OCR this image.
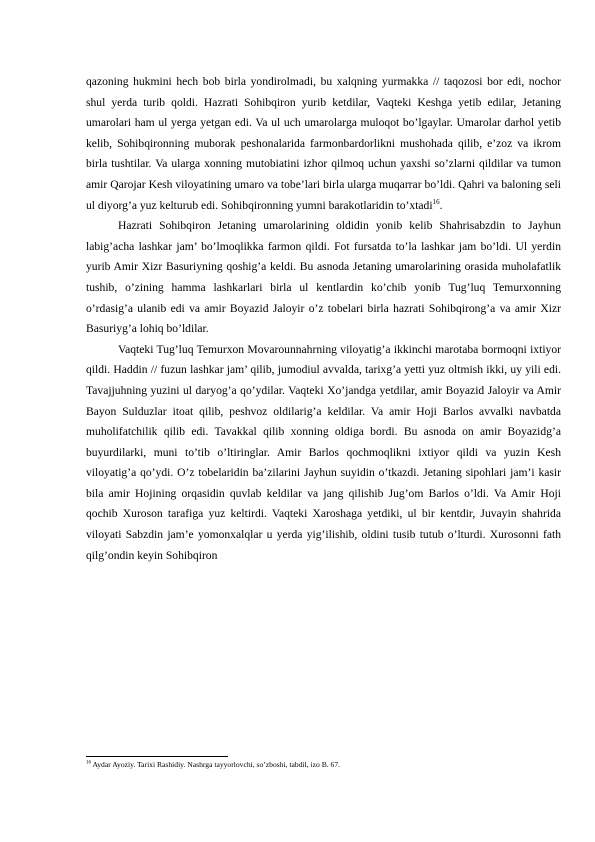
qazoning hukmini hech bob birla yondirolmadi, bu xalqning yurmakka // taqozosi bor edi, nochor shul yerda turib qoldi. Hazrati Sohibqiron yurib ketdilar, Vaqteki Keshga yetib edilar, Jetaning umarolari ham ul yerga yetgan edi. Va ul uch umarolarga muloqot bo’lgaylar. Umarolar darhol yetib kelib, Sohibqironning muborak peshonalarida farmonbardorlikni mushohada qilib, e’zoz va ikrom birla tushtilar. Va ularga xonning mutobiatini izhor qilmoq uchun yaxshi so’zlarni qildilar va tumon amir Qarojar Kesh viloyatining umaro va tobe’lari birla ularga muqarrar bo’ldi. Qahri va baloning seli ul diyorg’a yuz kelturub edi. Sohibqironning yumni barakotlaridin to’xtadi$^{16}$.

Hazrati Sohibqiron Jetaning umarolarining oldidin yonib kelib Shahrisabzdin to Jayhun labig’acha lashkar jam’ bo’lmoqlikka farmon qildi. Fot fursatda to’la lashkar jam bo’ldi. Ul yerdin yurib Amir Xizr Basuriyning qoshig’a keldi. Bu asnoda Jetaning umarolarining orasida muholafatlik tushib, o’zining hamma lashkarlari birla ul kentlardin ko’chib yonib Tug’luq Temurxonning o’rdasig’a ulanib edi va amir Boyazid Jaloyir o’z tobelari birla hazrati Sohibqirong’a va amir Xizr Basuriyg’a lohiq bo’ldilar.

Vaqteki Tug’luq Temurxon Movarounnahrning viloyatig’a ikkinchi marotaba bormoqni ixtiyor qildi. Haddin // fuzun lashkar jam’ qilib, jumodiul avvalda, tarixg’a yetti yuz oltmish ikki, uy yili edi. Tavajjuhning yuzini ul daryog’a qo’ydilar. Vaqteki Xo’jandga yetdilar, amir Boyazid Jaloyir va Amir Bayon Sulduzlar itoat qilib, peshvoz oldilarig’a keldilar. Va amir Hoji Barlos avvalki navbatda muholifatchilik qilib edi. Tavakkal qilib xonning oldiga bordi. Bu asnoda on amir Boyazidg’a buyurdilarki, muni to’tib o’ltiringlar. Amir Barlos qochmoqlikni ixtiyor qildi va yuzin Kesh viloyatig’a qo’ydi. O’z tobelaridin ba’zilarini Jayhun suyidin o’tkazdi. Jetaning sipohlari jam’i kasir bila amir Hojining orqasidin quvlab keldilar va jang qilishib Jug’om Barlos o’ldi. Va Amir Hoji qochib Xuroson tarafiga yuz keltirdi. Vaqteki Xaroshaga yetdiki, ul bir kentdir, Juvayin shahrida viloyati Sabzdin jam’e yomonxalqlar u yerda yig’ilishib, oldini tusib tutub o’lturdi. Xurosonni fath qilg’ondin keyin Sohibqiron

$^{16}$ Aydar Ayoziy. Tarixi Rashidiy. Nashrga tayyorlovchi, so’zboshi, tabdil, izo B. 67.
